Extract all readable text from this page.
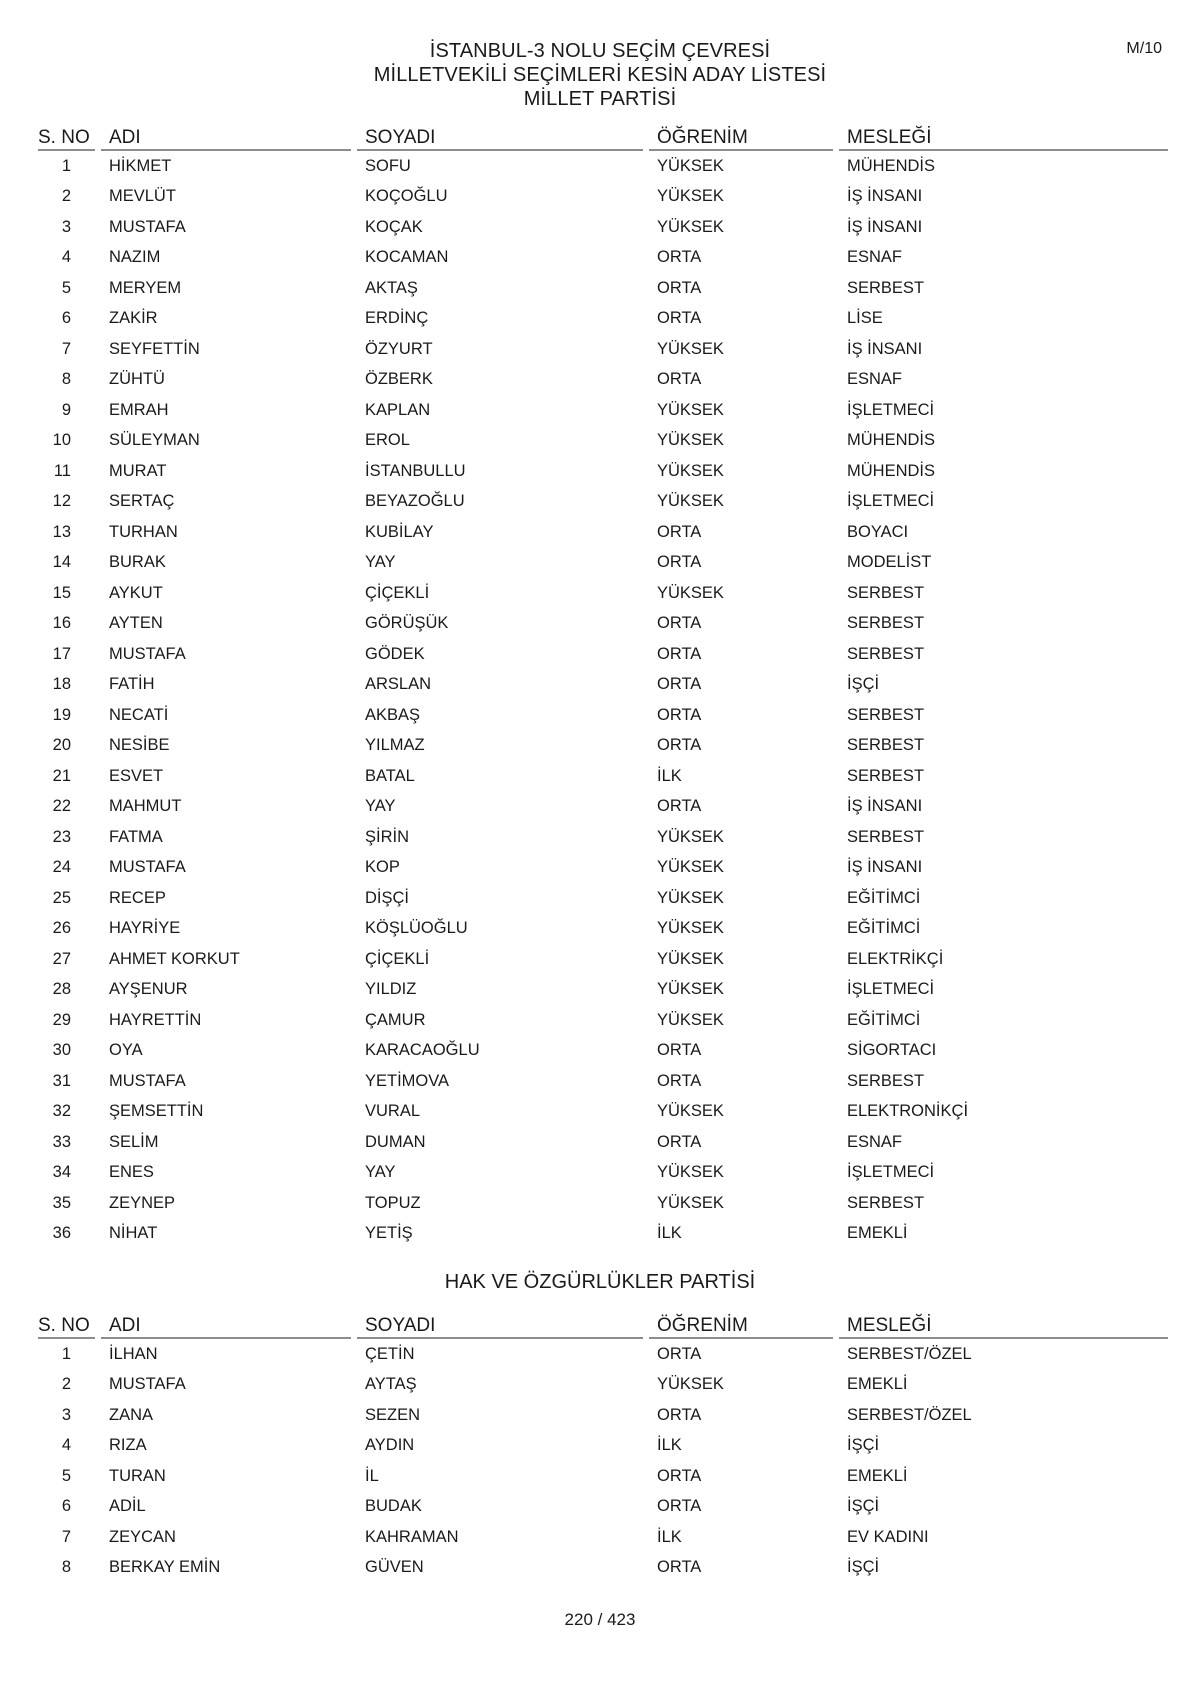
M/10
İSTANBUL-3 NOLU SEÇİM ÇEVRESİ
MİLLETVEKİLİ SEÇİMLERİ KESİN ADAY LİSTESİ
MİLLET PARTİSİ
S. NO	ADI	SOYADI	ÖĞRENİM	MESLEĞİ
1	HİKMET	SOFU	YÜKSEK	MÜHENDİS
2	MEVLÜT	KOÇOĞLU	YÜKSEK	İŞ İNSANI
3	MUSTAFA	KOÇAK	YÜKSEK	İŞ İNSANI
4	NAZIM	KOCAMAN	ORTA	ESNAF
5	MERYEM	AKTAŞ	ORTA	SERBEST
6	ZAKİR	ERDİNÇ	ORTA	LİSE
7	SEYFETTİN	ÖZYURT	YÜKSEK	İŞ İNSANI
8	ZÜHTÜ	ÖZBERK	ORTA	ESNAF
9	EMRAH	KAPLAN	YÜKSEK	İŞLETMECİ
10	SÜLEYMAN	EROL	YÜKSEK	MÜHENDİS
11	MURAT	İSTANBULLU	YÜKSEK	MÜHENDİS
12	SERTAÇ	BEYAZOĞLU	YÜKSEK	İŞLETMECİ
13	TURHAN	KUBİLAY	ORTA	BOYACI
14	BURAK	YAY	ORTA	MODELİST
15	AYKUT	ÇİÇEKLİ	YÜKSEK	SERBEST
16	AYTEN	GÖRÜŞÜK	ORTA	SERBEST
17	MUSTAFA	GÖDEK	ORTA	SERBEST
18	FATİH	ARSLAN	ORTA	İŞÇİ
19	NECATİ	AKBAŞ	ORTA	SERBEST
20	NESİBE	YILMAZ	ORTA	SERBEST
21	ESVET	BATAL	İLK	SERBEST
22	MAHMUT	YAY	ORTA	İŞ İNSANI
23	FATMA	ŞİRİN	YÜKSEK	SERBEST
24	MUSTAFA	KOP	YÜKSEK	İŞ İNSANI
25	RECEP	DİŞÇİ	YÜKSEK	EĞİTİMCİ
26	HAYRİYE	KÖŞLÜOĞLU	YÜKSEK	EĞİTİMCİ
27	AHMET KORKUT	ÇİÇEKLİ	YÜKSEK	ELEKTRİKÇİ
28	AYŞENUR	YILDIZ	YÜKSEK	İŞLETMECİ
29	HAYRETTİN	ÇAMUR	YÜKSEK	EĞİTİMCİ
30	OYA	KARACAOĞLU	ORTA	SİGORTACI
31	MUSTAFA	YETİMOVA	ORTA	SERBEST
32	ŞEMSETTİN	VURAL	YÜKSEK	ELEKTRONİKÇİ
33	SELİM	DUMAN	ORTA	ESNAF
34	ENES	YAY	YÜKSEK	İŞLETMECİ
35	ZEYNEP	TOPUZ	YÜKSEK	SERBEST
36	NİHAT	YETİŞ	İLK	EMEKLİ
HAK VE ÖZGÜRLÜKLER PARTİSİ
S. NO	ADI	SOYADI	ÖĞRENİM	MESLEĞİ
1	İLHAN	ÇETİN	ORTA	SERBEST/ÖZEL
2	MUSTAFA	AYTAŞ	YÜKSEK	EMEKLİ
3	ZANA	SEZEN	ORTA	SERBEST/ÖZEL
4	RIZA	AYDIN	İLK	İŞÇİ
5	TURAN	İL	ORTA	EMEKLİ
6	ADİL	BUDAK	ORTA	İŞÇİ
7	ZEYCAN	KAHRAMAN	İLK	EV KADINI
8	BERKAY EMİN	GÜVEN	ORTA	İŞÇİ
220 / 423
